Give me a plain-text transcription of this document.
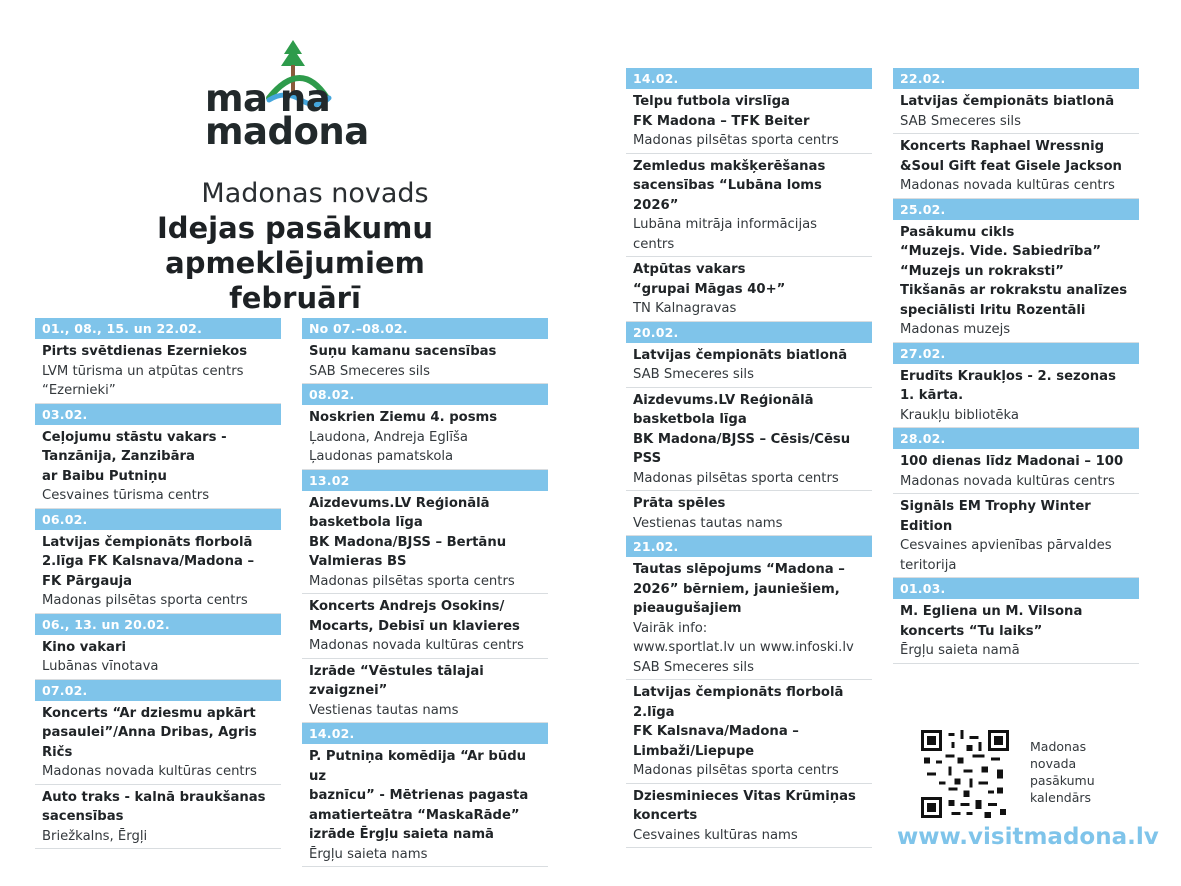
ma na
madona
Madonas novads
Idejas pasākumu apmeklējumiem
februārī
01., 08., 15. un 22.02.
Pirts svētdienas Ezerniekos
LVM tūrisma un atpūtas centrs
“Ezernieki”
03.02.
Ceļojumu stāstu vakars -
Tanzānija, Zanzibāra
ar Baibu Putniņu
Cesvaines tūrisma centrs
06.02.
Latvijas čempionāts florbolā
2.līga FK Kalsnava/Madona –
FK Pārgauja
Madonas pilsētas sporta centrs
06., 13. un 20.02.
Kino vakari
Lubānas vīnotava
07.02.
Koncerts “Ar dziesmu apkārt
pasaulei”/Anna Dribas, Agris
Ričs
Madonas novada kultūras centrs
Auto traks - kalnā braukšanas
sacensības
Briežkalns, Ērgļi
No 07.–08.02.
Suņu kamanu sacensības
SAB Smeceres sils
08.02.
Noskrien Ziemu 4. posms
Ļaudona, Andreja Eglīša
Ļaudonas pamatskola
13.02
Aizdevums.LV Reģionālā
basketbola līga
BK Madona/BJSS – Bertānu
Valmieras BS
Madonas pilsētas sporta centrs
Koncerts Andrejs Osokins/
Mocarts, Debisī un klavieres
Madonas novada kultūras centrs
Izrāde “Vēstules tālajai
zvaigznei”
Vestienas tautas nams
14.02.
P. Putniņa komēdija “Ar būdu uz
baznīcu” - Mētrienas pagasta
amatierteātra “MaskaRāde”
izrāde Ērgļu saieta namā
Ērgļu saieta nams
14.02.
Telpu futbola virslīga
FK Madona – TFK Beiter
Madonas pilsētas sporta centrs
Zemledus makšķerēšanas
sacensības “Lubāna loms 2026”
Lubāna mitrāja informācijas
centrs
Atpūtas vakars
“grupai Māgas 40+”
TN Kalnagravas
20.02.
Latvijas čempionāts biatlonā
SAB Smeceres sils
Aizdevums.LV Reģionālā
basketbola līga
BK Madona/BJSS – Cēsis/Cēsu
PSS
Madonas pilsētas sporta centrs
Prāta spēles
Vestienas tautas nams
21.02.
Tautas slēpojums “Madona –
2026” bērniem, jauniešiem,
pieaugušajiem
Vairāk info:
www.sportlat.lv un www.infoski.lv
SAB Smeceres sils
Latvijas čempionāts florbolā
2.līga
FK Kalsnava/Madona –
Limbaži/Liepupe
Madonas pilsētas sporta centrs
Dziesminieces Vitas Krūmiņas
koncerts
Cesvaines kultūras nams
22.02.
Latvijas čempionāts biatlonā
SAB Smeceres sils
Koncerts Raphael Wressnig
&Soul Gift feat Gisele Jackson
Madonas novada kultūras centrs
25.02.
Pasākumu cikls
“Muzejs. Vide. Sabiedrība”
“Muzejs un rokraksti”
Tikšanās ar rokrakstu analīzes
speciālisti Iritu Rozentāli
Madonas muzejs
27.02.
Erudīts Kraukļos - 2. sezonas
1. kārta.
Kraukļu bibliotēka
28.02.
100 dienas līdz Madonai – 100
Madonas novada kultūras centrs
Signāls EM Trophy Winter
Edition
Cesvaines apvienības pārvaldes
teritorija
01.03.
M. Egliena un M. Vilsona
koncerts “Tu laiks”
Ērgļu saieta namā
Madonas
novada
pasākumu
kalendārs
www.visitmadona.lv
